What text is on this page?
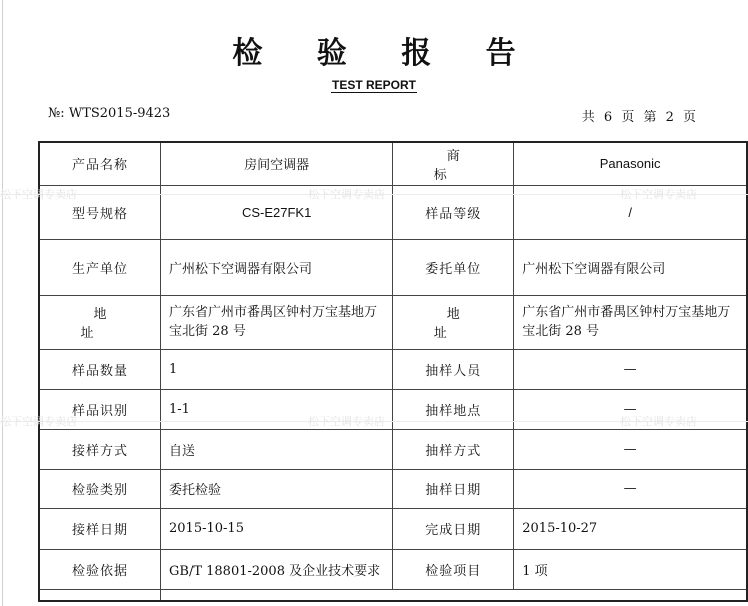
检 验 报 告
TEST REPORT
№: WTS2015-9423	共 6 页 第 2 页
产品名称	房间空调器	商　标	Panasonic
型号规格	CS-E27FK1	样品等级	/
生产单位	广州松下空调器有限公司	委托单位	广州松下空调器有限公司
地　址	广东省广州市番禺区钟村万宝基地万宝北街 28 号	地　址	广东省广州市番禺区钟村万宝基地万宝北街 28 号
样品数量	1	抽样人员	—
样品识别	1-1	抽样地点	—
接样方式	自送	抽样方式	—
检验类别	委托检验	抽样日期	—
接样日期	2015-10-15	完成日期	2015-10-27
检验依据	GB/T 18801-2008 及企业技术要求	检验项目	1 项

松下空调专卖店	松下空调专卖店	松下空调专卖店
松下空调专卖店	松下空调专卖店	松下空调专卖店
